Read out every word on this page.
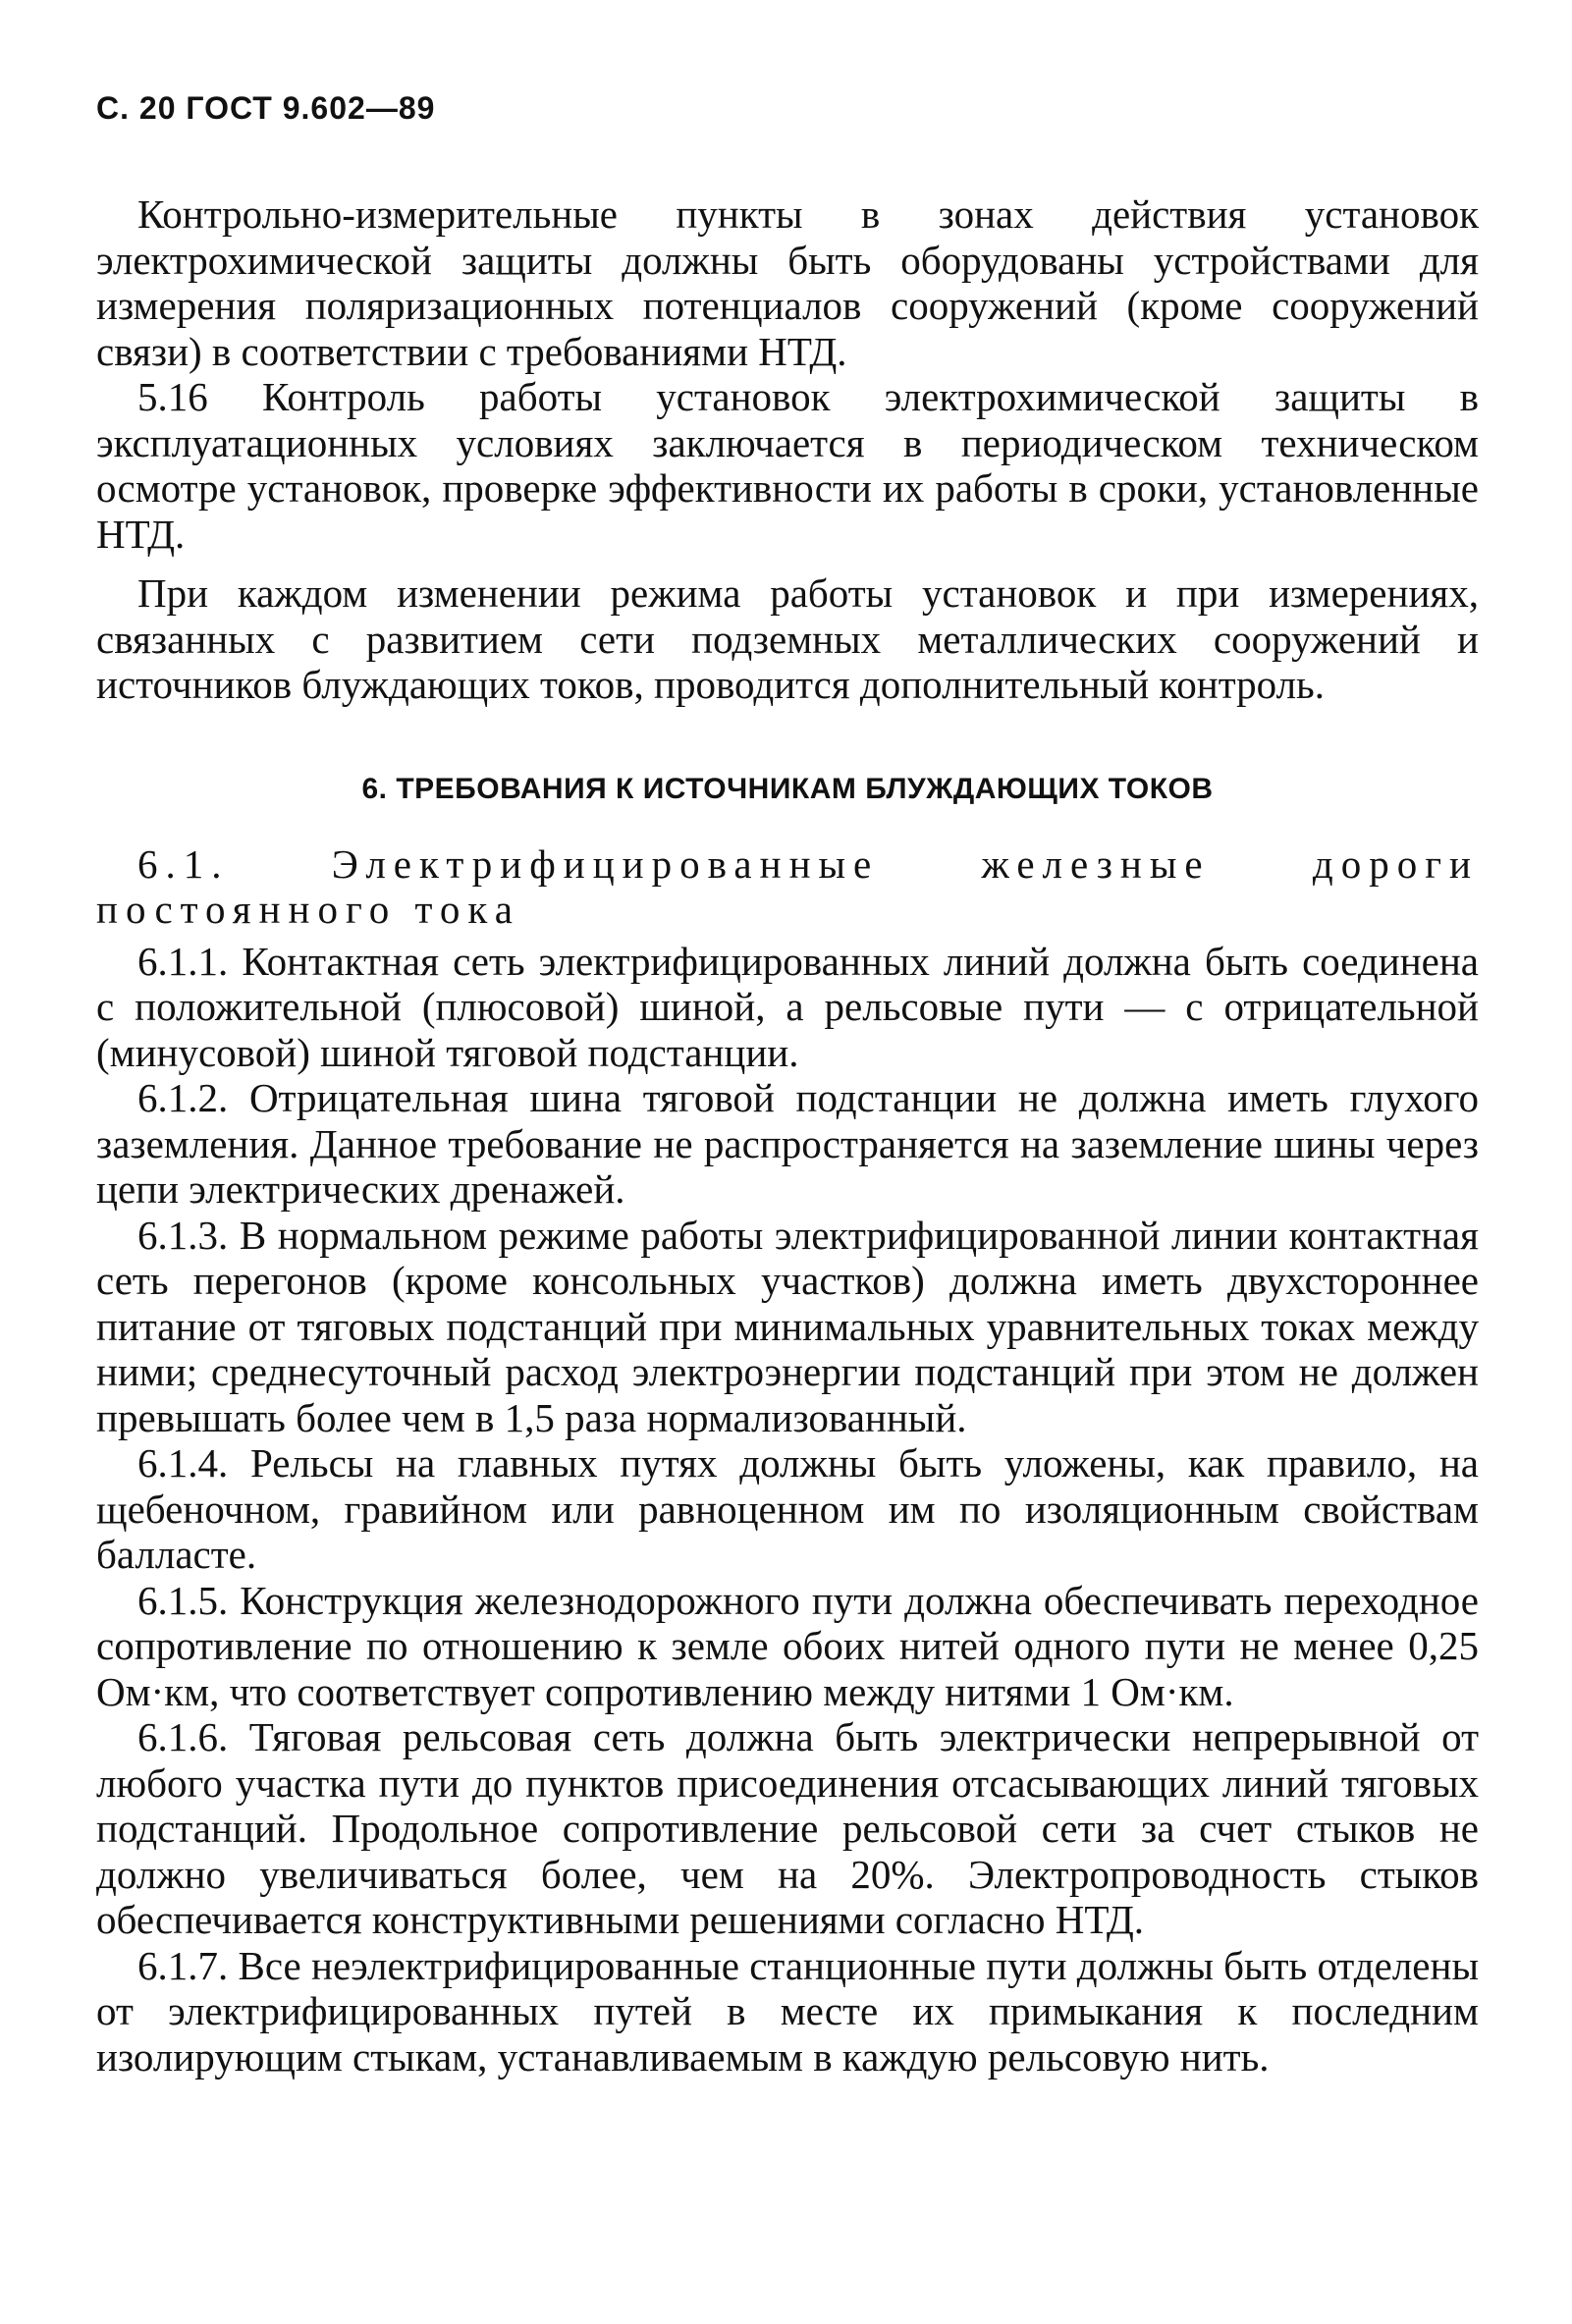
С. 20 ГОСТ 9.602—89

Контрольно-измерительные пункты в зонах действия установок электрохимической защиты должны быть оборудованы устройствами для измерения поляризационных потенциалов сооружений (кроме сооружений связи) в соответствии с требованиями НТД.

5.16 Контроль работы установок электрохимической защиты в эксплуатационных условиях заключается в периодическом техническом осмотре установок, проверке эффективности их работы в сроки, установленные НТД.

При каждом изменении режима работы установок и при измерениях, связанных с развитием сети подземных металлических сооружений и источников блуждающих токов, проводится дополнительный контроль.

6. ТРЕБОВАНИЯ К ИСТОЧНИКАМ БЛУЖДАЮЩИХ ТОКОВ

6.1. Электрифицированные железные дороги постоянного тока

6.1.1. Контактная сеть электрифицированных линий должна быть соединена с положительной (плюсовой) шиной, а рельсовые пути — с отрицательной (минусовой) шиной тяговой подстанции.

6.1.2. Отрицательная шина тяговой подстанции не должна иметь глухого заземления. Данное требование не распространяется на заземление шины через цепи электрических дренажей.

6.1.3. В нормальном режиме работы электрифицированной линии контактная сеть перегонов (кроме консольных участков) должна иметь двухстороннее питание от тяговых подстанций при минимальных уравнительных токах между ними; среднесуточный расход электроэнергии подстанций при этом не должен превышать более чем в 1,5 раза нормализованный.

6.1.4. Рельсы на главных путях должны быть уложены, как правило, на щебеночном, гравийном или равноценном им по изоляционным свойствам балласте.

6.1.5. Конструкция железнодорожного пути должна обеспечивать переходное сопротивление по отношению к земле обоих нитей одного пути не менее 0,25 Ом·км, что соответствует сопротивлению между нитями 1 Ом·км.

6.1.6. Тяговая рельсовая сеть должна быть электрически непрерывной от любого участка пути до пунктов присоединения отсасывающих линий тяговых подстанций. Продольное сопротивление рельсовой сети за счет стыков не должно увеличиваться более, чем на 20%. Электропроводность стыков обеспечивается конструктивными решениями согласно НТД.

6.1.7. Все неэлектрифицированные станционные пути должны быть отделены от электрифицированных путей в месте их примыкания к последним изолирующим стыкам, устанавливаемым в каждую рельсовую нить.
